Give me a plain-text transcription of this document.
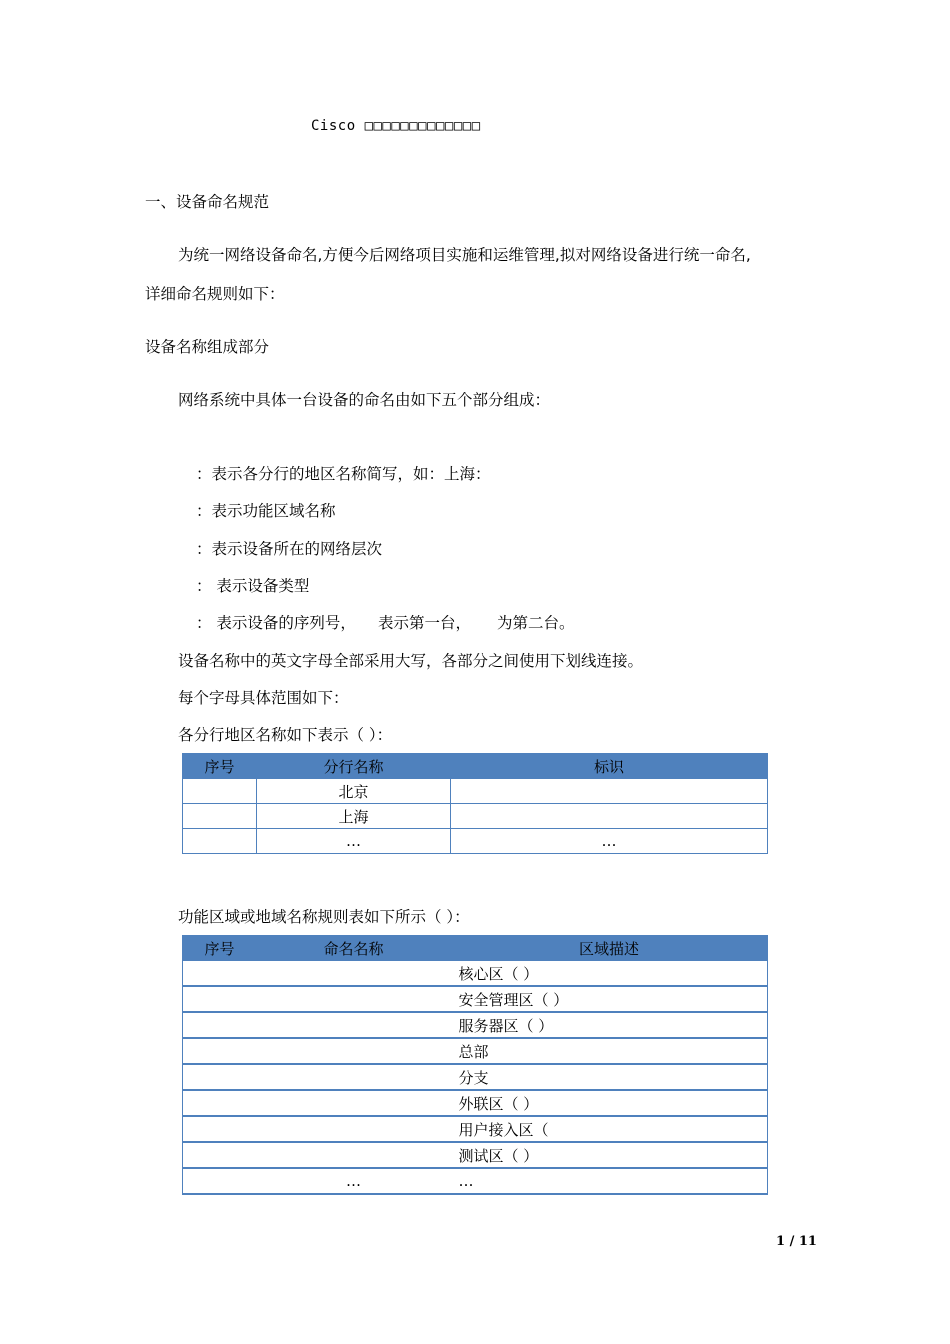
Cisco □□□□□□□□□□□□□
一、设备命名规范
为统一网络设备命名,方便今后网络项目实施和运维管理,拟对网络设备进行统一命名,
详细命名规则如下：
设备名称组成部分
网络系统中具体一台设备的命名由如下五个部分组成：
：表示各分行的地区名称简写，如：上海：
：表示功能区域名称
：表示设备所在的网络层次
： 表示设备类型
： 表示设备的序列号， 表示第一台， 为第二台。
设备名称中的英文字母全部采用大写，各部分之间使用下划线连接。
每个字母具体范围如下：
各分行地区名称如下表示（ ）：
序号	分行名称	标识
	北京	
	上海	
	…	…
功能区域或地域名称规则表如下所示（ ）：
序号	命名名称	区域描述
		核心区（ ）
		安全管理区（ ）
		服务器区（ ）
		总部
		分支
		外联区（ ）
		用户接入区（
		测试区（ ）
	…	…
1 / 11
